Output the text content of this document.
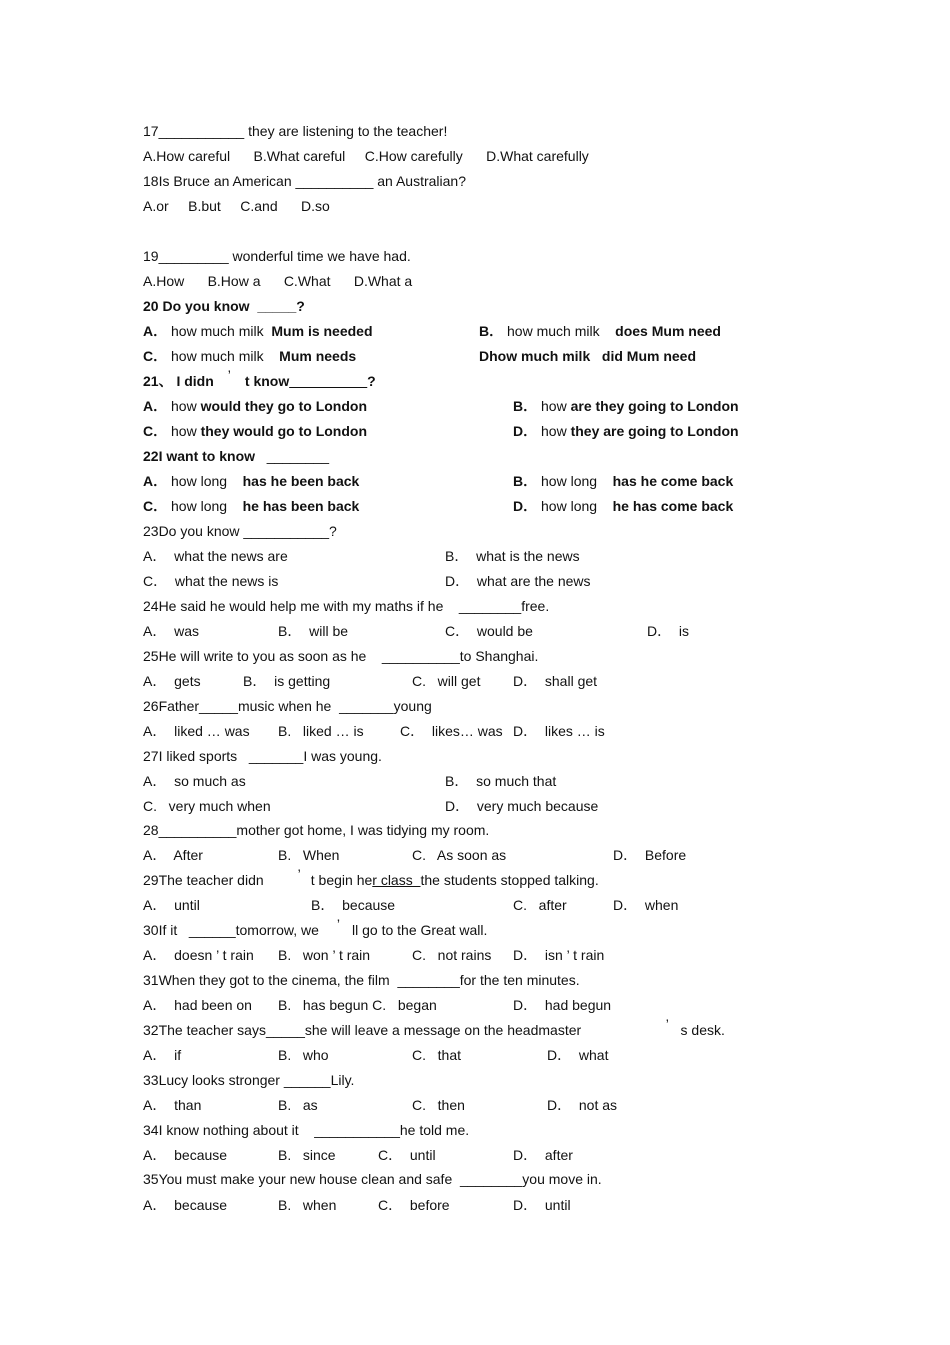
17___________ they are listening to the teacher!
A.How careful      B.What careful     C.How carefully      D.What carefully
18Is Bruce an American __________ an Australian?
A.or     B.but     C.and      D.so
19_________ wonderful time we have had.
A.How      B.How a      C.What      D.What a
20 Do you know  _____?
A． how much milk Mum is needed	B． how much milk does Mum need
C． how much milk Mum needs	Dhow much milk   did Mum need
21、 I didn ’ t know__________?
A． how would they go to London	B． how are they going to London
C． how they would go to London	D． how they are going to London
22I want to know   ________
A． how long has he been back	B． how long has he come back
C． how long he has been back	D． how long he has come back
23Do you know ___________?
A．  what the news are	B．  what is the news
C．  what the news is	D．  what are the news
24He said he would help me with my maths if he    ________free.
A．  was	B．  will be	C．  would be	D．  is
25He will write to you as soon as he    __________to Shanghai.
A．  gets	B．  is getting	C.   will get D．  shall get
26Father_____music when he  _______young
A．  liked … was B.   liked … is	C．  likes… was D．  likes … is
27I liked sports   _______I was young.
A．  so much as	B．  so much that
C.   very much when	D．  very much because
28__________mother got home, I was tidying my room.
A．  After	B.   When	C.   As soon as	D．  Before
29The teacher didn ’ t begin her class  the students stopped talking.
A．  until	B．  because	C.   after	D．  when
30If it   ______tomorrow, we ’ ll go to the Great wall.
A．  doesn ’ t rain B.   won ’ t rain	C.   not rains D．  isn ’ t rain
31When they got to the cinema, the film  ________for the ten minutes.
A．  had been on B.   has begun C.   began	D．  had begun
32The teacher says_____she will leave a message on the headmaster	’ s desk.
A．  if	B.   who	C.   that	D．  what
33Lucy looks stronger ______Lily.
A．  than	B.   as	C.   then	D．  not as
34I know nothing about it    ___________he told me.
A．  because	B.   since	C．  until	D．  after
35You must make your new house clean and safe  ________you move in.
A．  because	B.   when	C．  before	D．  until
